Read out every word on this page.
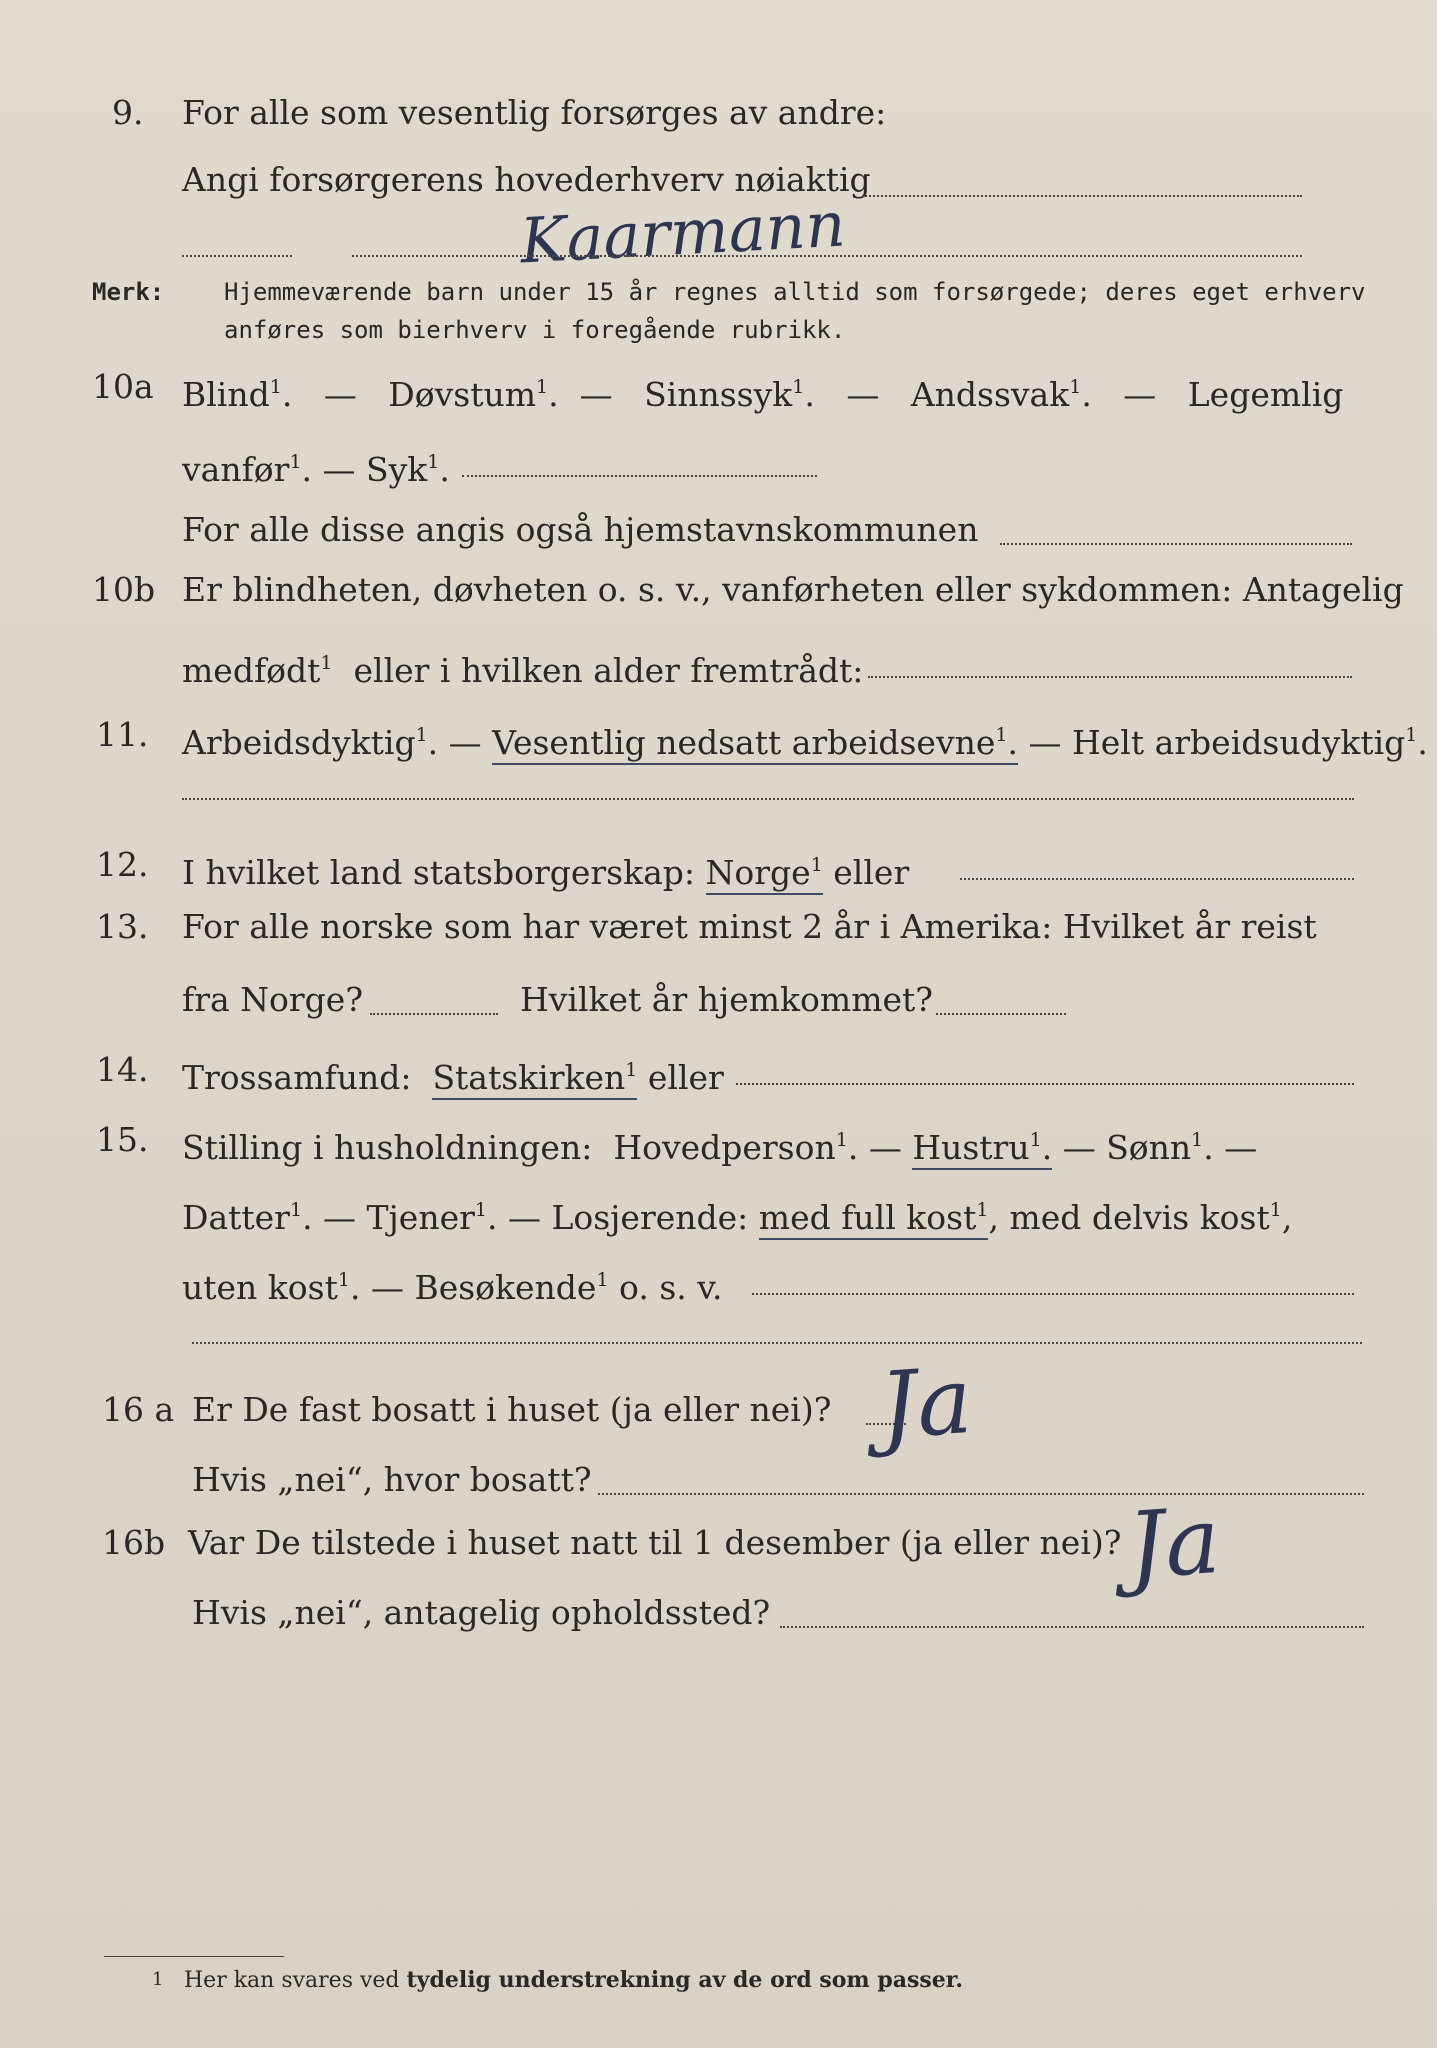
9. For alle som vesentlig forsørges av andre:
Angi forsørgerens hovederhverv nøiaktig
Kaarmann
Merk: Hjemmeværende barn under 15 år regnes alltid som forsørgede; deres eget erhverv
anføres som bierhverv i foregående rubrikk.
10a Blind$^1$.   — Døvstum$^1$.  — Sinnssyk$^1$.   — Andssvak$^1$.   — Legemlig
vanfør$^1$. — Syk$^1$.
For alle disse angis også hjemstavnskommunen
10b Er blindheten, døvheten o. s. v., vanførheten eller sykdommen: Antagelig
medfødt$^1$ eller i hvilken alder fremtrådt:
11. Arbeidsdyktig$^1$. — Vesentlig nedsatt arbeidsevne$^1$. — Helt arbeidsudyktig$^1$.
12. I hvilket land statsborgerskap: Norge$^1$ eller
13. For alle norske som har været minst 2 år i Amerika: Hvilket år reist
fra Norge?	Hvilket år hjemkommet?
14. Trossamfund: Statskirken$^1$ eller
15. Stilling i husholdningen: Hovedperson$^1$. — Hustru$^1$. — Sønn$^1$. —
Datter$^1$. — Tjener$^1$. — Losjerende: med full kost$^1$, med delvis kost$^1$,
uten kost$^1$. — Besøkende$^1$ o. s. v.
16 a Er De fast bosatt i huset (ja eller nei)? Ja
Hvis „nei“, hvor bosatt?
16b Var De tilstede i huset natt til 1 desember (ja eller nei)? Ja
Hvis „nei“, antagelig opholdssted?
1 Her kan svares ved tydelig understrekning av de ord som passer.
